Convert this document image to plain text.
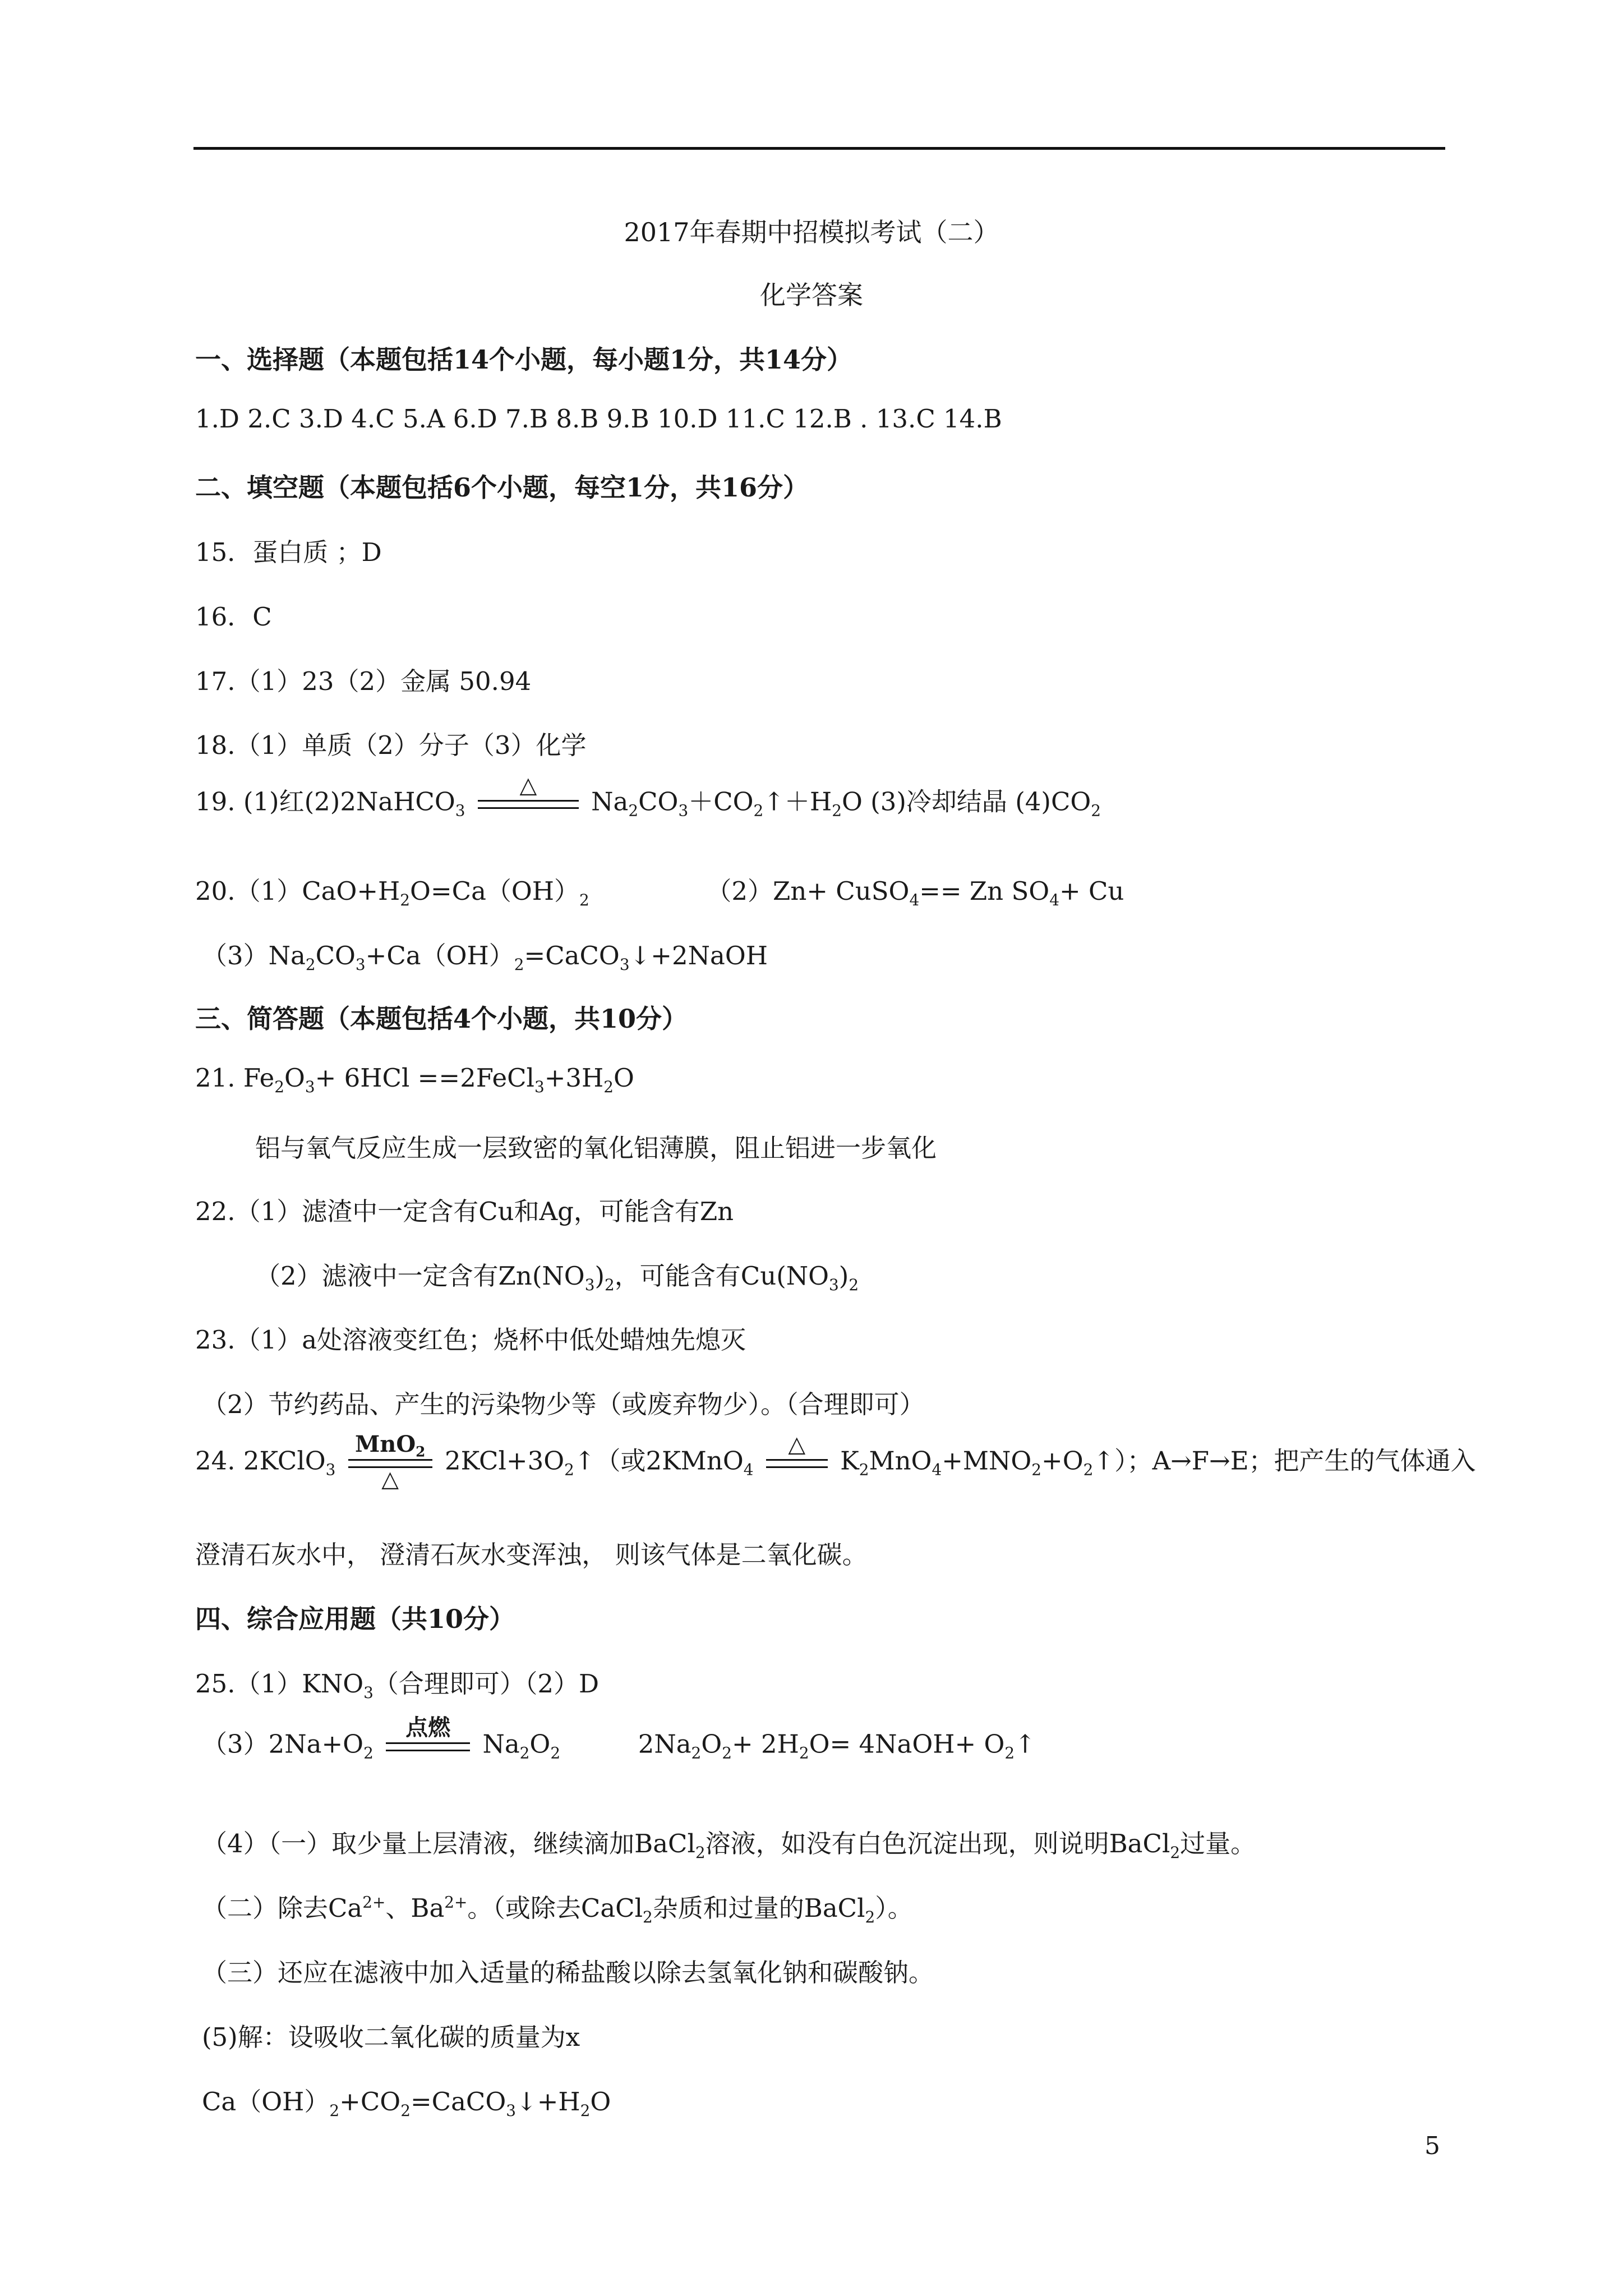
2017年春期中招模拟考试（二）
化学答案
一、选择题（本题包括14个小题，每小题1分，共14分）
1.D 2.C 3.D 4.C 5.A 6.D 7.B 8.B 9.B 10.D 11.C 12.B . 13.C 14.B
二、填空题（本题包括6个小题，每空1分，共16分）
15．蛋白质 ；D
16．C
17.（1）23（2）金属 50.94
18.（1）单质（2）分子（3）化学
19. (1)红(2)2NaHCO$_3$
△
$Na_2CO_3+CO_2↑+H_2O$ (3)冷却结晶 $(4)CO_2$
$20.(1)CaO+H_2O=Ca(OH)_2$	（2）Zn+ CuSO$_4$== Zn $SO_4+ Cu$
$(3)Na_2CO_3+Ca(OH)_2=CaCO_3↓+2NaOH$
三、简答题（本题包括4个小题，共10分）
21. $Fe_2O_3+ 6HCl$ $==2FeCl_3+3H_2O$
铝与氧气反应生成一层致密的氧化铝薄膜，阻止铝进一步氧化
22.（1）滤渣中一定含有Cu和Ag，可能含有Zn
（2）滤液中一定含有$Zn(NO_3)_2$，可能含有$Cu(NO_3)_2$
23.（1）a处溶液变红色；烧杯中低处蜡烛先熄灭
（2）节约药品、产生的污染物少等（或废弃物少）。（合理即可）
24. 2KClO$_3$
MnO$_2$
△
$2KCl+3O_2↑$（或2KMnO$_4$
△
$K_2MnO_4+MNO_2+O_2↑$）；A→F→E；把产生的气体通入
澄清石灰水中， 澄清石灰水变浑浊， 则该气体是二氧化碳。
四、综合应用题（共10分）
$25.(1)KNO_3$（合理即可）（2）D
$(3)2Na+O_2$
点燃
$Na_2O_2$	$2Na_2O_2+ 2H_2O=$ 4NaOH+ $O_2↑$
（4）（一）取少量上层清液，继续滴加BaCl$_2$溶液，如没有白色沉淀出现，则说明BaCl$_2$过量。
（二）除去$Ca^{2+}$、$Ba^{2+}$。（或除去CaCl$_2$杂质和过量的BaCl$_2$）。
（三）还应在滤液中加入适量的稀盐酸以除去氢氧化钠和碳酸钠。
(5)解：设吸收二氧化碳的质量为x
$Ca(OH)_2+CO_2=CaCO_3↓+H_2O$
5
